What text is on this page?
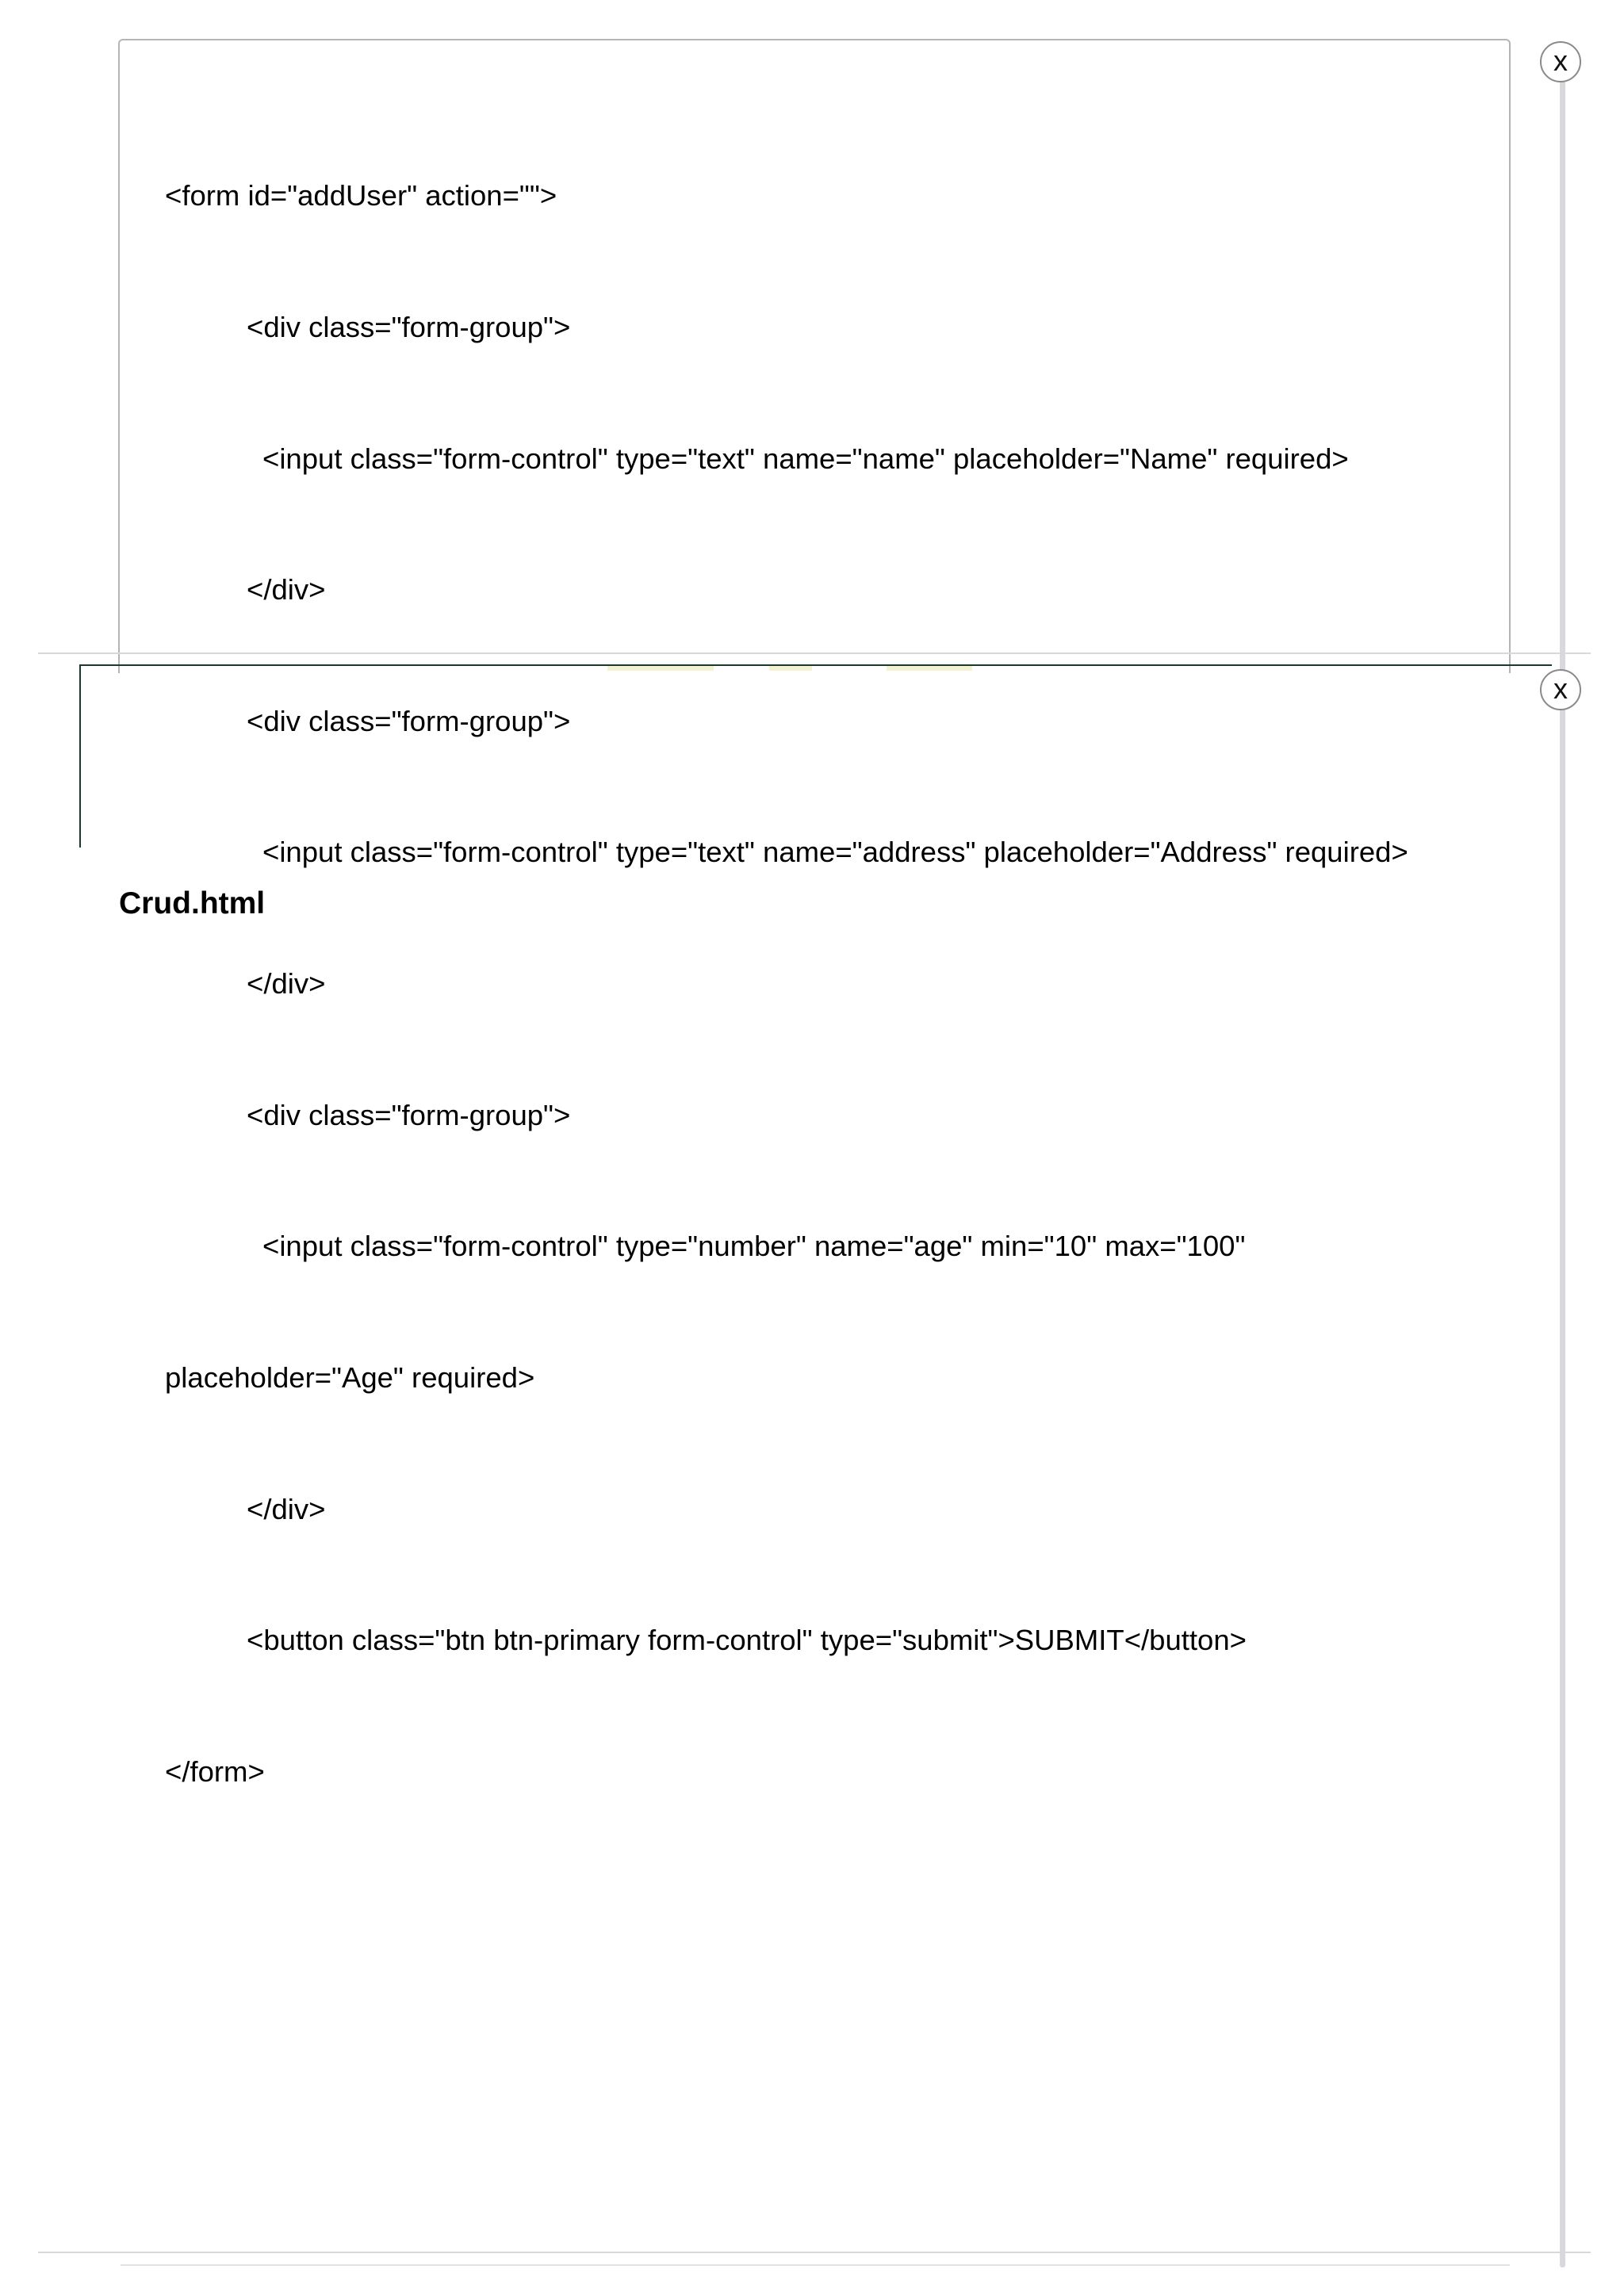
<form id="addUser" action="">

<div class="form-group">

<input class="form-control" type="text" name="name" placeholder="Name" required>

</div>

<div class="form-group">

<input class="form-control" type="text" name="address" placeholder="Address" required>

</div>

<div class="form-group">

<input class="form-control" type="number" name="age" min="10" max="100"

placeholder="Age" required>

</div>

<button class="btn btn-primary form-control" type="submit">SUBMIT</button>

</form>

x
x
Crud.html
